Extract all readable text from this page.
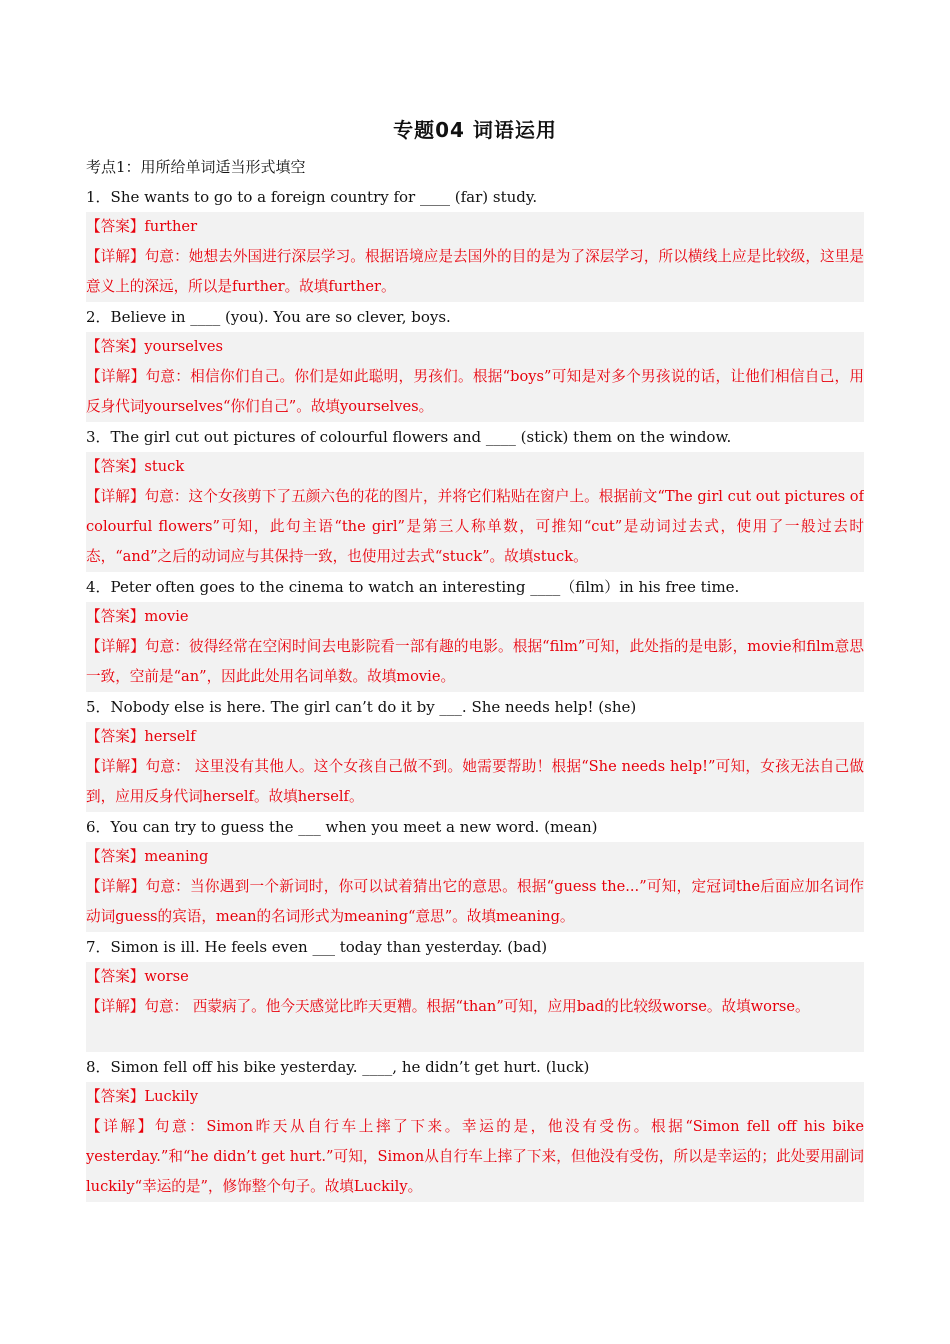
专题04 词语运用
考点1：用所给单词适当形式填空
1．She wants to go to a foreign country for ____ (far) study.
【答案】further
【详解】句意：她想去外国进行深层学习。根据语境应是去国外的目的是为了深层学习，所以横线上应是比较级，这里是意义上的深远，所以是further。故填further。
2．Believe in ____ (you). You are so clever, boys.
【答案】yourselves
【详解】句意：相信你们自己。你们是如此聪明，男孩们。根据“boys”可知是对多个男孩说的话，让他们相信自己，用反身代词yourselves“你们自己”。故填yourselves。
3．The girl cut out pictures of colourful flowers and ____ (stick) them on the window.
【答案】stuck
【详解】句意：这个女孩剪下了五颜六色的花的图片，并将它们粘贴在窗户上。根据前文“The girl cut out pictures of colourful flowers”可知，此句主语“the girl”是第三人称单数，可推知“cut”是动词过去式，使用了一般过去时态，“and”之后的动词应与其保持一致，也使用过去式“stuck”。故填stuck。
4．Peter often goes to the cinema to watch an interesting ____（film）in his free time.
【答案】movie
【详解】句意：彼得经常在空闲时间去电影院看一部有趣的电影。根据“film”可知，此处指的是电影，movie和film意思一致，空前是“an”，因此此处用名词单数。故填movie。
5．Nobody else is here. The girl can’t do it by ___. She needs help! (she)
【答案】herself
【详解】句意： 这里没有其他人。这个女孩自己做不到。她需要帮助！根据“She needs help!”可知，女孩无法自己做到，应用反身代词herself。故填herself。
6．You can try to guess the ___ when you meet a new word. (mean)
【答案】meaning
【详解】句意：当你遇到一个新词时，你可以试着猜出它的意思。根据“guess the...”可知，定冠词the后面应加名词作动词guess的宾语，mean的名词形式为meaning“意思”。故填meaning。
7．Simon is ill. He feels even ___ today than yesterday. (bad)
【答案】worse
【详解】句意： 西蒙病了。他今天感觉比昨天更糟。根据“than”可知，应用bad的比较级worse。故填worse。
8．Simon fell off his bike yesterday. ____, he didn’t get hurt. (luck)
【答案】Luckily
【详解】句意：Simon昨天从自行车上摔了下来。幸运的是，他没有受伤。根据“Simon fell off his bike yesterday.”和“he didn’t get hurt.”可知，Simon从自行车上摔了下来，但他没有受伤，所以是幸运的；此处要用副词luckily“幸运的是”，修饰整个句子。故填Luckily。
